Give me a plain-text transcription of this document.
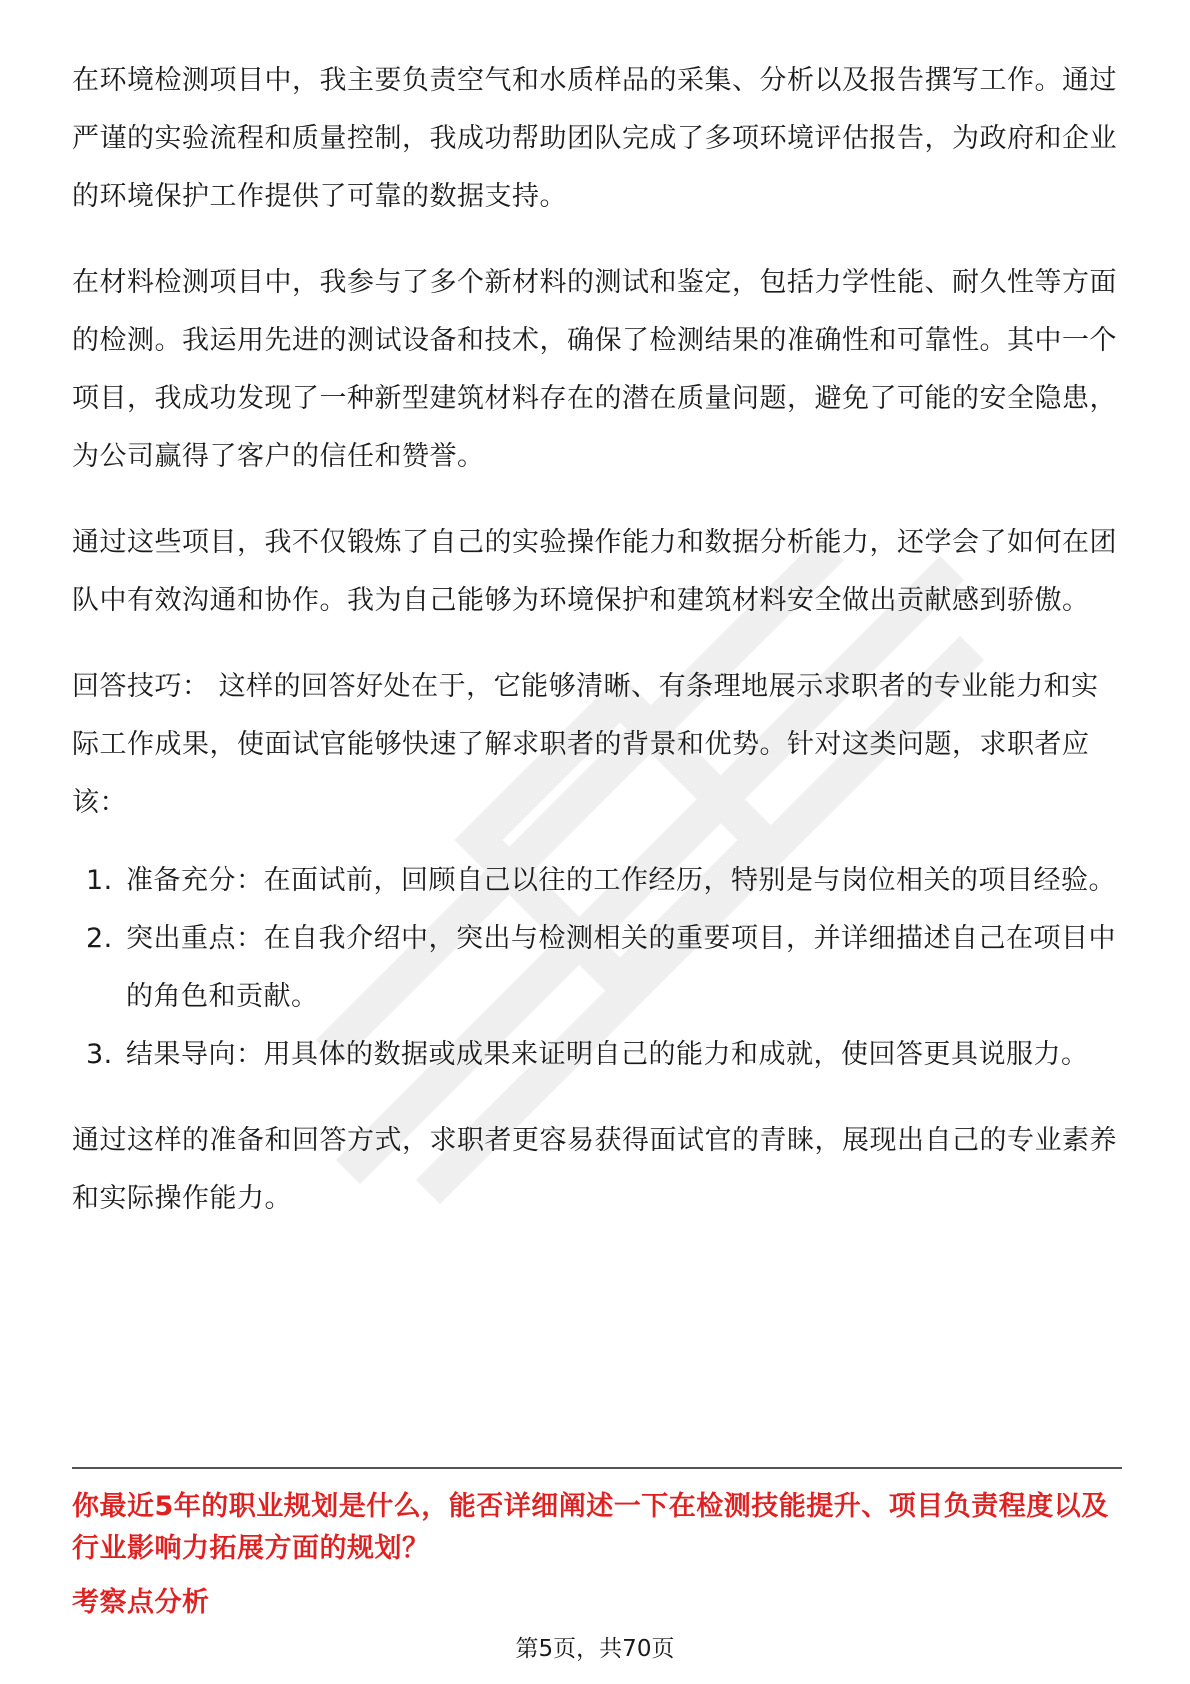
在环境检测项目中，我主要负责空气和水质样品的采集、分析以及报告撰写工作。通过严谨的实验流程和质量控制，我成功帮助团队完成了多项环境评估报告，为政府和企业的环境保护工作提供了可靠的数据支持。

在材料检测项目中，我参与了多个新材料的测试和鉴定，包括力学性能、耐久性等方面的检测。我运用先进的测试设备和技术，确保了检测结果的准确性和可靠性。其中一个项目，我成功发现了一种新型建筑材料存在的潜在质量问题，避免了可能的安全隐患，为公司赢得了客户的信任和赞誉。

通过这些项目，我不仅锻炼了自己的实验操作能力和数据分析能力，还学会了如何在团队中有效沟通和协作。我为自己能够为环境保护和建筑材料安全做出贡献感到骄傲。

回答技巧： 这样的回答好处在于，它能够清晰、有条理地展示求职者的专业能力和实际工作成果，使面试官能够快速了解求职者的背景和优势。针对这类问题，求职者应该：

1. 准备充分：在面试前，回顾自己以往的工作经历，特别是与岗位相关的项目经验。
2. 突出重点：在自我介绍中，突出与检测相关的重要项目，并详细描述自己在项目中的角色和贡献。
3. 结果导向：用具体的数据或成果来证明自己的能力和成就，使回答更具说服力。

通过这样的准备和回答方式，求职者更容易获得面试官的青睐，展现出自己的专业素养和实际操作能力。

你最近5年的职业规划是什么，能否详细阐述一下在检测技能提升、项目负责程度以及行业影响力拓展方面的规划？
考察点分析
第5页，共70页
